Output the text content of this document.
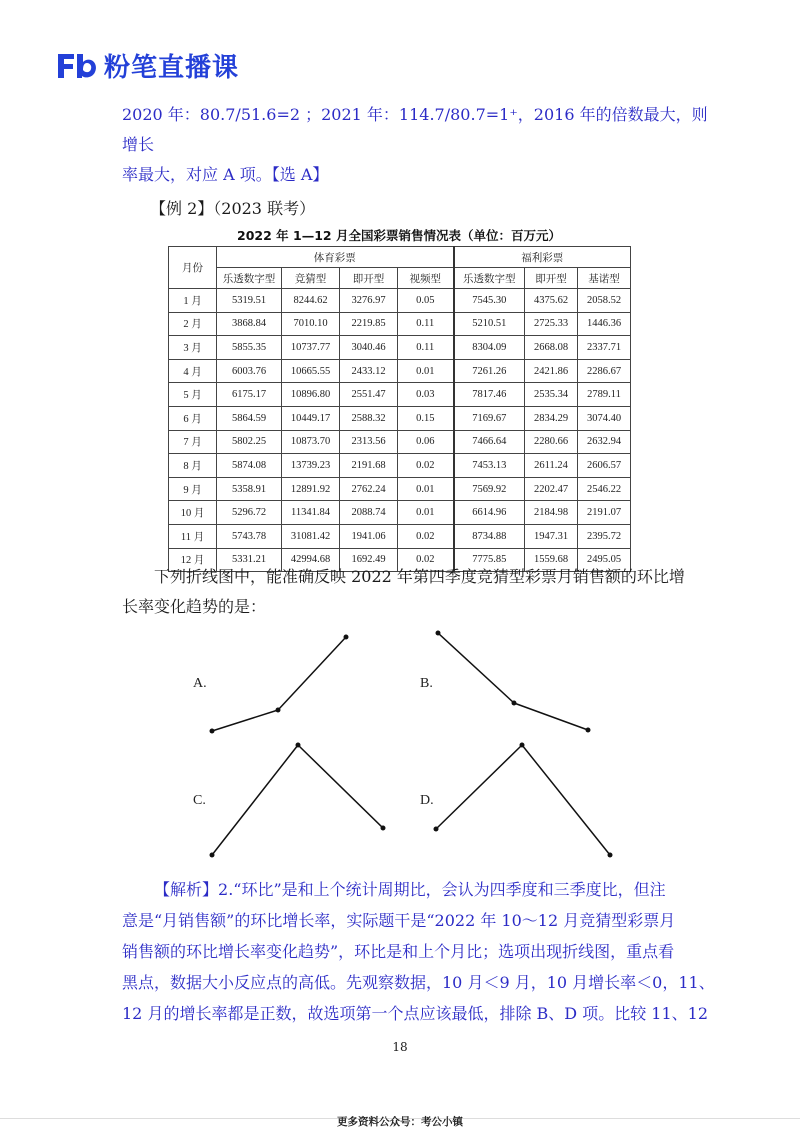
粉笔直播课
2020 年：80.7/51.6=2 ；2021 年：114.7/80.7=1⁺，2016 年的倍数最大，则增长
率最大，对应 A 项。【选 A】
【例 2】（2023 联考）
2022 年 1—12 月全国彩票销售情况表（单位：百万元）
月份	体育彩票				福利彩票		
	乐透数字型	竞猜型	即开型	视频型	乐透数字型	即开型	基诺型
1 月	5319.51	8244.62	3276.97	0.05	7545.30	4375.62	2058.52
2 月	3868.84	7010.10	2219.85	0.11	5210.51	2725.33	1446.36
3 月	5855.35	10737.77	3040.46	0.11	8304.09	2668.08	2337.71
4 月	6003.76	10665.55	2433.12	0.01	7261.26	2421.86	2286.67
5 月	6175.17	10896.80	2551.47	0.03	7817.46	2535.34	2789.11
6 月	5864.59	10449.17	2588.32	0.15	7169.67	2834.29	3074.40
7 月	5802.25	10873.70	2313.56	0.06	7466.64	2280.66	2632.94
8 月	5874.08	13739.23	2191.68	0.02	7453.13	2611.24	2606.57
9 月	5358.91	12891.92	2762.24	0.01	7569.92	2202.47	2546.22
10 月	5296.72	11341.84	2088.74	0.01	6614.96	2184.98	2191.07
11 月	5743.78	31081.42	1941.06	0.02	8734.88	1947.31	2395.72
12 月	5331.21	42994.68	1692.49	0.02	7775.85	1559.68	2495.05
下列折线图中，能准确反映 2022 年第四季度竞猜型彩票月销售额的环比增
长率变化趋势的是：
A.	B.
C.	D.
【解析】2.“环比”是和上个统计周期比，会认为四季度和三季度比，但注
意是“月销售额”的环比增长率，实际题干是“2022 年 10～12 月竞猜型彩票月
销售额的环比增长率变化趋势”，环比是和上个月比；选项出现折线图，重点看
黑点，数据大小反应点的高低。先观察数据，10 月＜9 月，10 月增长率＜0，11、
12 月的增长率都是正数，故选项第一个点应该最低，排除 B、D 项。比较 11、12
18
更多资料公众号：考公小镇
